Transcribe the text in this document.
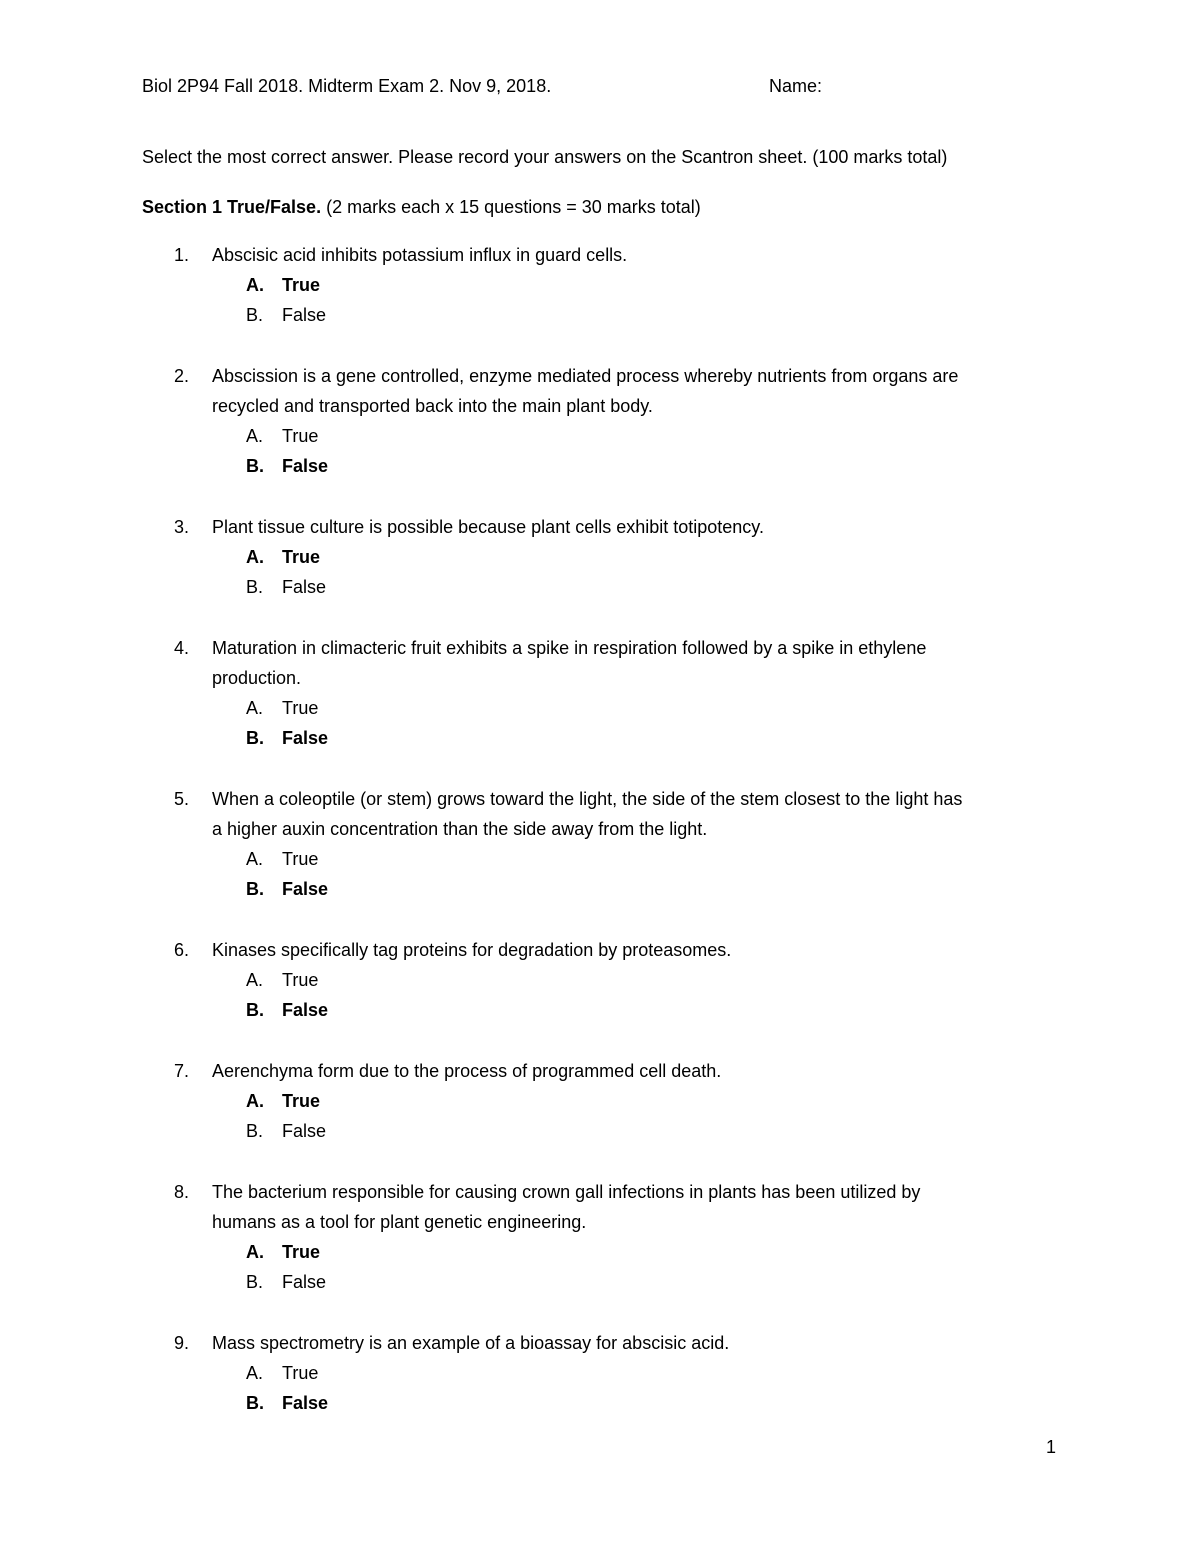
Biol 2P94 Fall 2018. Midterm Exam 2. Nov 9, 2018.	Name:
Select the most correct answer. Please record your answers on the Scantron sheet. (100 marks total)
Section 1 True/False. (2 marks each x 15 questions = 30 marks total)
1.	Abscisic acid inhibits potassium influx in guard cells.
A.	True
B.	False
2.	Abscission is a gene controlled, enzyme mediated process whereby nutrients from organs are
recycled and transported back into the main plant body.
A.	True
B.	False
3.	Plant tissue culture is possible because plant cells exhibit totipotency.
A.	True
B.	False
4.	Maturation in climacteric fruit exhibits a spike in respiration followed by a spike in ethylene
production.
A.	True
B.	False
5.	When a coleoptile (or stem) grows toward the light, the side of the stem closest to the light has
a higher auxin concentration than the side away from the light.
A.	True
B.	False
6.	Kinases specifically tag proteins for degradation by proteasomes.
A.	True
B.	False
7.	Aerenchyma form due to the process of programmed cell death.
A.	True
B.	False
8.	The bacterium responsible for causing crown gall infections in plants has been utilized by
humans as a tool for plant genetic engineering.
A.	True
B.	False
9.	Mass spectrometry is an example of a bioassay for abscisic acid.
A.	True
B.	False
1
